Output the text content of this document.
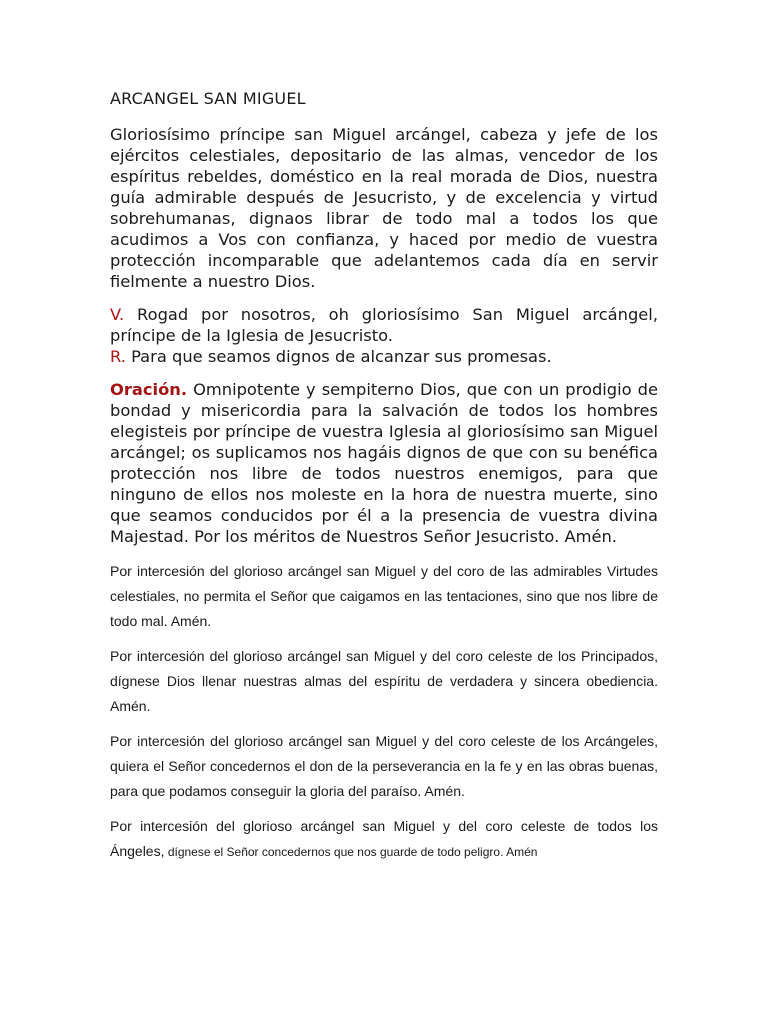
ARCANGEL SAN MIGUEL

Gloriosísimo príncipe san Miguel arcángel, cabeza y jefe de los ejércitos celestiales, depositario de las almas, vencedor de los espíritus rebeldes, doméstico en la real morada de Dios, nuestra guía admirable después de Jesucristo, y de excelencia y virtud sobrehumanas, dignaos librar de todo mal a todos los que acudimos a Vos con confianza, y haced por medio de vuestra protección incomparable que adelantemos cada día en servir fielmente a nuestro Dios.

V. Rogad por nosotros, oh gloriosísimo San Miguel arcángel, príncipe de la Iglesia de Jesucristo.
R. Para que seamos dignos de alcanzar sus promesas.

Oración. Omnipotente y sempiterno Dios, que con un prodigio de bondad y misericordia para la salvación de todos los hombres elegisteis por príncipe de vuestra Iglesia al gloriosísimo san Miguel arcángel; os suplicamos nos hagáis dignos de que con su benéfica protección nos libre de todos nuestros enemigos, para que ninguno de ellos nos moleste en la hora de nuestra muerte, sino que seamos conducidos por él a la presencia de vuestra divina Majestad. Por los méritos de Nuestros Señor Jesucristo. Amén.

Por intercesión del glorioso arcángel san Miguel y del coro de las admirables Virtudes celestiales, no permita el Señor que caigamos en las tentaciones, sino que nos libre de todo mal. Amén.

Por intercesión del glorioso arcángel san Miguel y del coro celeste de los Principados, dígnese Dios llenar nuestras almas del espíritu de verdadera y sincera obediencia. Amén.

Por intercesión del glorioso arcángel san Miguel y del coro celeste de los Arcángeles, quiera el Señor concedernos el don de la perseverancia en la fe y en las obras buenas, para que podamos conseguir la gloria del paraíso. Amén.

Por intercesión del glorioso arcángel san Miguel y del coro celeste de todos los Ángeles, dígnese el Señor concedernos que nos guarde de todo peligro. Amén
